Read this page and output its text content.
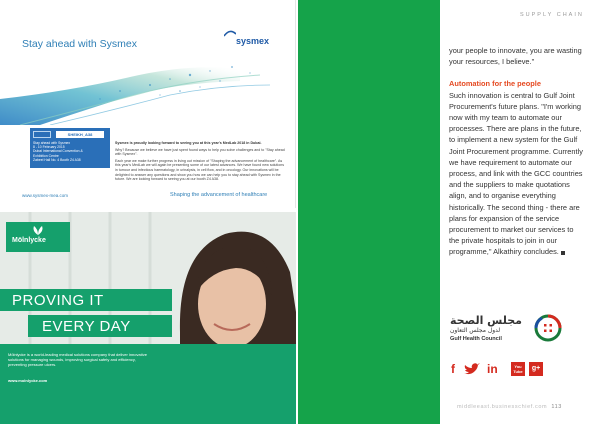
Stay ahead with Sysmex	sysmex
SHEIKH_A38
Stay ahead with Sysmex
8 - 10 February 2015
Dubai International Convention &
Exhibition Centre
Zabeel Hall No. 4 Booth Z4 A38

Sysmex is proudly looking forward to seeing you at this year's MedLab 2018 in Dubai.

Why? Because we believe we have just spent found ways to help you solve challenges and to "Stay ahead with Sysmex".

Each year we make further progress in living out mission of "Shaping the advancement of healthcare". As this year's MedLab we will again be presenting some of our latest advances. We have found new solutions in tumour and infectious haematology, in urinalysis, in cell flow, and in oncology. Our innovations will be delighted to answer any questions and show you how we can help you to stay ahead with Sysmex in the future. We are looking forward to seeing you at our booth Z4 A38.

www.sysmex-mea.com	Shaping the advancement of healthcare
Mölnlycke
PROVING IT
EVERY DAY
Mölnlycke is a world-leading medical solutions company that deliver innovative solutions for managing wounds, improving surgical safety and efficiency, preventing pressure ulcers.
www.molnlycke.com
SUPPLY CHAIN

your people to innovate, you are wasting your resources, I believe."

Automation for the people

Such innovation is central to Gulf Joint Procurement's future plans. "I'm working now with my team to automate our processes. There are plans in the future, to implement a new system for the Gulf Joint Procurement programme. Currently we have requirement to automate our process, and link with the GCC countries and the suppliers to make quotations align, and to organise everything historically. The second thing - there are plans for expansion of the service procurement to market our services to the private hospitals to join in our programme," Alkathiry concludes.

مجلس الصحة
لدول مجلس التعاون
Gulf Health Council
f	in	You
Tube	g+
middleeast.businesschief.com 113
